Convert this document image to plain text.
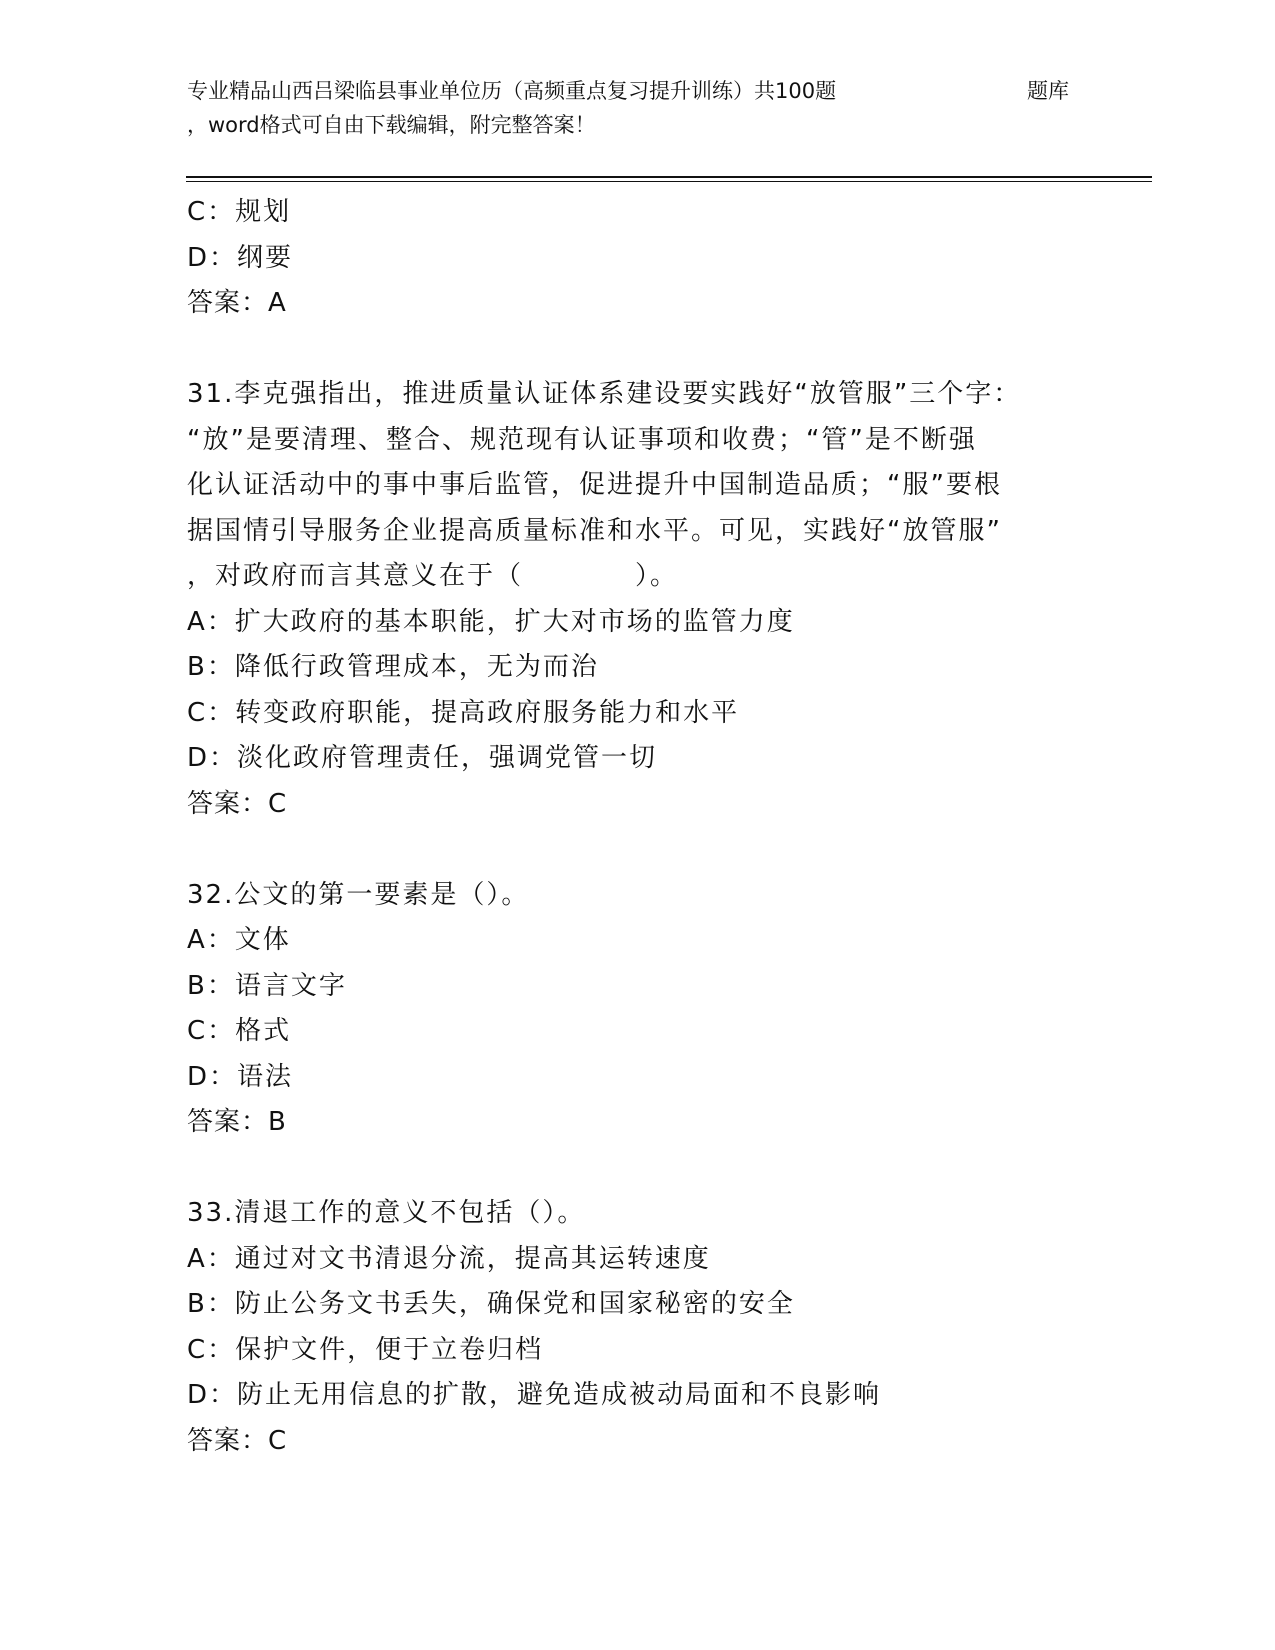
专业精品山西吕梁临县事业单位历（高频重点复习提升训练）共100题	题库
，word格式可自由下载编辑，附完整答案！
C：规划
D：纲要
答案：A
31.李克强指出，推进质量认证体系建设要实践好“放管服”三个字：
“放”是要清理、整合、规范现有认证事项和收费；“管”是不断强
化认证活动中的事中事后监管，促进提升中国制造品质；“服”要根
据国情引导服务企业提高质量标准和水平。可见，实践好“放管服”
，对政府而言其意义在于（　　　　）。
A：扩大政府的基本职能，扩大对市场的监管力度
B：降低行政管理成本，无为而治
C：转变政府职能，提高政府服务能力和水平
D：淡化政府管理责任，强调党管一切
答案：C
32.公文的第一要素是（）。
A：文体
B：语言文字
C：格式
D：语法
答案：B
33.清退工作的意义不包括（）。
A：通过对文书清退分流，提高其运转速度
B：防止公务文书丢失，确保党和国家秘密的安全
C：保护文件，便于立卷归档
D：防止无用信息的扩散，避免造成被动局面和不良影响
答案：C
